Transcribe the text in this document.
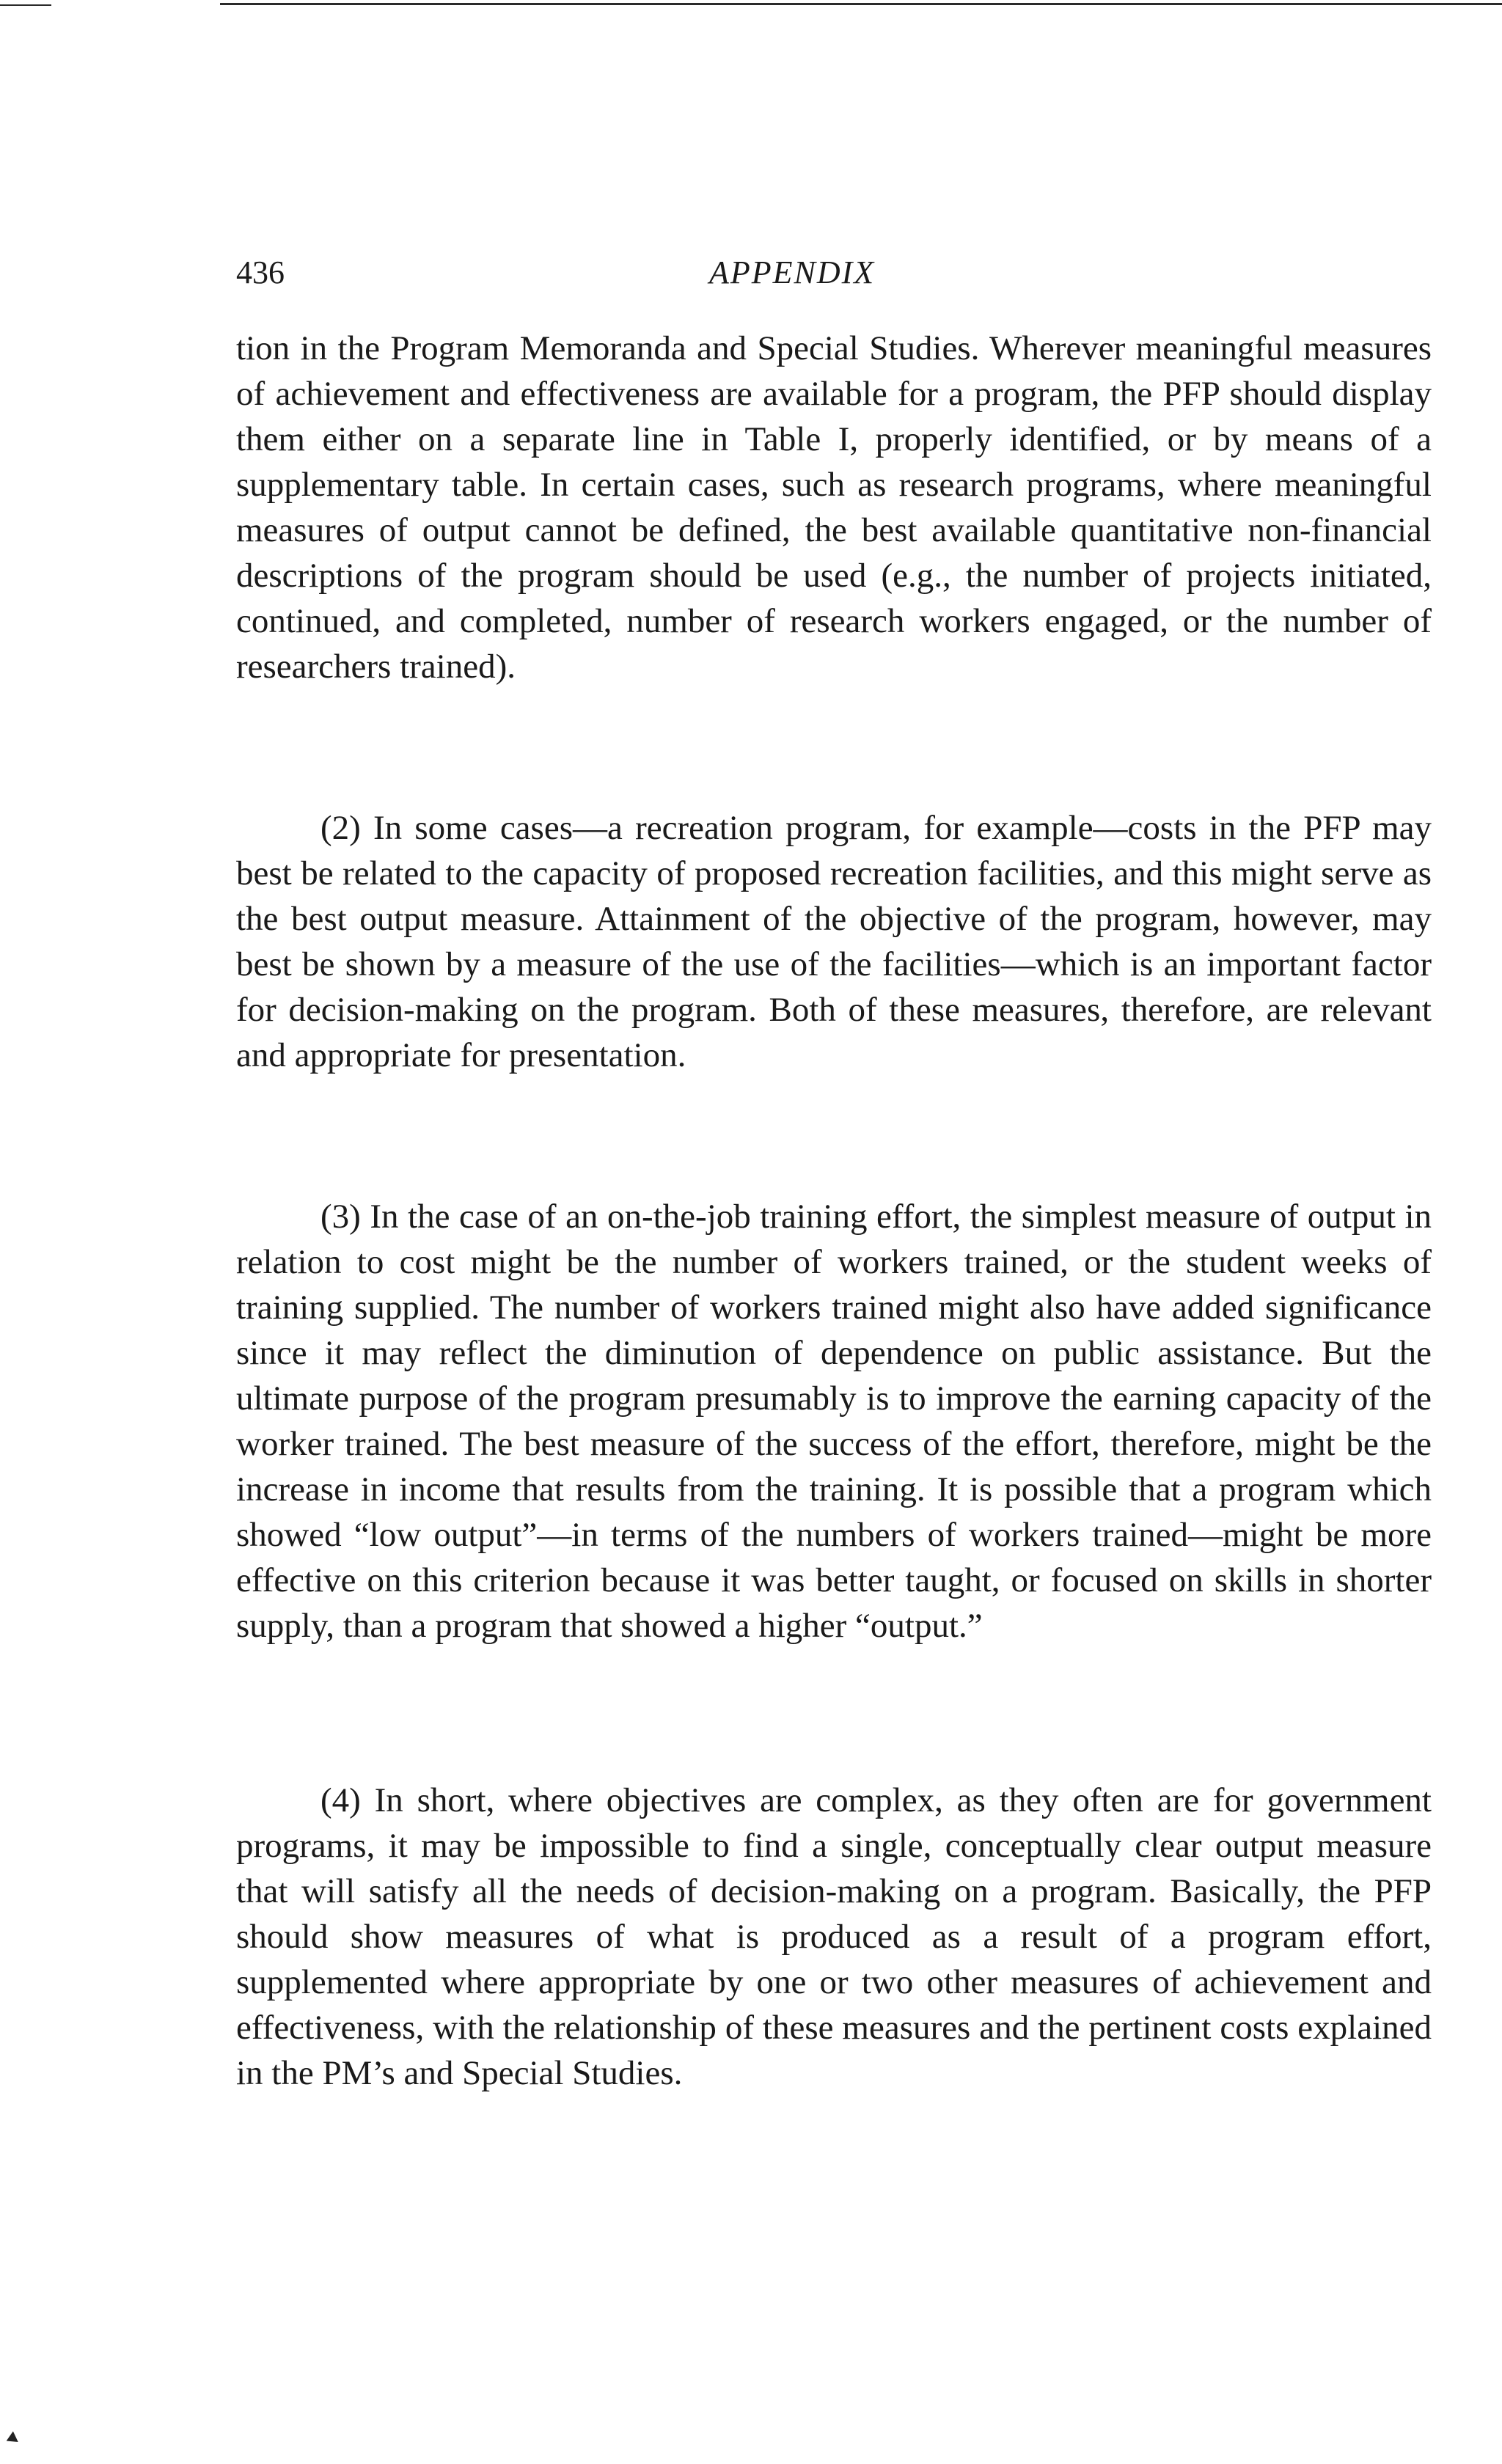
436	APPENDIX

tion in the Program Memoranda and Special Studies. Wherever meaningful measures of achievement and effectiveness are available for a program, the PFP should display them either on a separate line in Table I, properly identified, or by means of a supplementary table. In certain cases, such as research programs, where meaningful measures of output cannot be defined, the best available quantitative non-financial descriptions of the program should be used (e.g., the number of projects initiated, continued, and completed, number of research workers engaged, or the number of researchers trained).

(2) In some cases—a recreation program, for example—costs in the PFP may best be related to the capacity of proposed recreation facilities, and this might serve as the best output measure. Attainment of the objective of the program, however, may best be shown by a measure of the use of the facilities—which is an important factor for decision-making on the program. Both of these measures, therefore, are relevant and appropriate for presentation.

(3) In the case of an on-the-job training effort, the simplest measure of output in relation to cost might be the number of workers trained, or the student weeks of training supplied. The number of workers trained might also have added significance since it may reflect the diminution of dependence on public assistance. But the ultimate purpose of the program presumably is to improve the earning capacity of the worker trained. The best measure of the success of the effort, therefore, might be the increase in income that results from the training. It is possible that a program which showed “low output”—in terms of the numbers of workers trained—might be more effective on this criterion because it was better taught, or focused on skills in shorter supply, than a program that showed a higher “output.”

(4) In short, where objectives are complex, as they often are for government programs, it may be impossible to find a single, conceptually clear output measure that will satisfy all the needs of decision-making on a program. Basically, the PFP should show measures of what is produced as a result of a program effort, supplemented where appropriate by one or two other measures of achievement and effectiveness, with the relationship of these measures and the pertinent costs explained in the PM’s and Special Studies.
